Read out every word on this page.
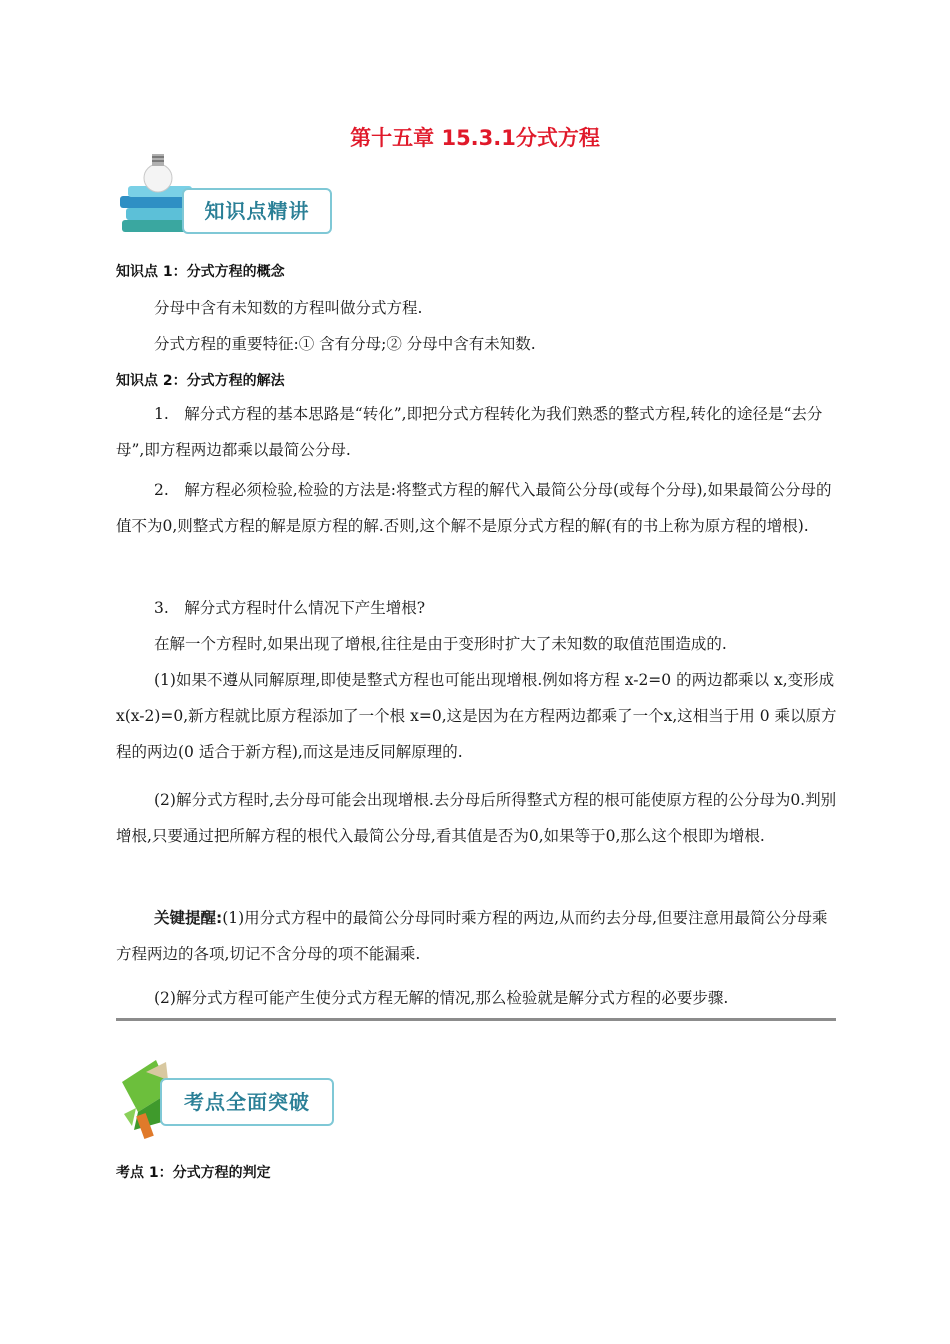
第十五章 15.3.1分式方程
知识点精讲
知识点 1：分式方程的概念
分母中含有未知数的方程叫做分式方程.
分式方程的重要特征:① 含有分母;② 分母中含有未知数.
知识点 2：分式方程的解法
1.　解分式方程的基本思路是“转化”,即把分式方程转化为我们熟悉的整式方程,转化的途径是“去分母”,即方程两边都乘以最简公分母.
2.　解方程必须检验,检验的方法是:将整式方程的解代入最简公分母(或每个分母),如果最简公分母的值不为0,则整式方程的解是原方程的解.否则,这个解不是原分式方程的解(有的书上称为原方程的增根).
3.　解分式方程时什么情况下产生增根?
在解一个方程时,如果出现了增根,往往是由于变形时扩大了未知数的取值范围造成的.
(1)如果不遵从同解原理,即使是整式方程也可能出现增根.例如将方程 x-2=0 的两边都乘以 x,变形成 x(x-2)=0,新方程就比原方程添加了一个根 x=0,这是因为在方程两边都乘了一个x,这相当于用 0 乘以原方程的两边(0 适合于新方程),而这是违反同解原理的.
(2)解分式方程时,去分母可能会出现增根.去分母后所得整式方程的根可能使原方程的公分母为0.判别增根,只要通过把所解方程的根代入最简公分母,看其值是否为0,如果等于0,那么这个根即为增根.
关键提醒:(1)用分式方程中的最简公分母同时乘方程的两边,从而约去分母,但要注意用最简公分母乘方程两边的各项,切记不含分母的项不能漏乘.
(2)解分式方程可能产生使分式方程无解的情况,那么检验就是解分式方程的必要步骤.
考点全面突破
考点 1：分式方程的判定
